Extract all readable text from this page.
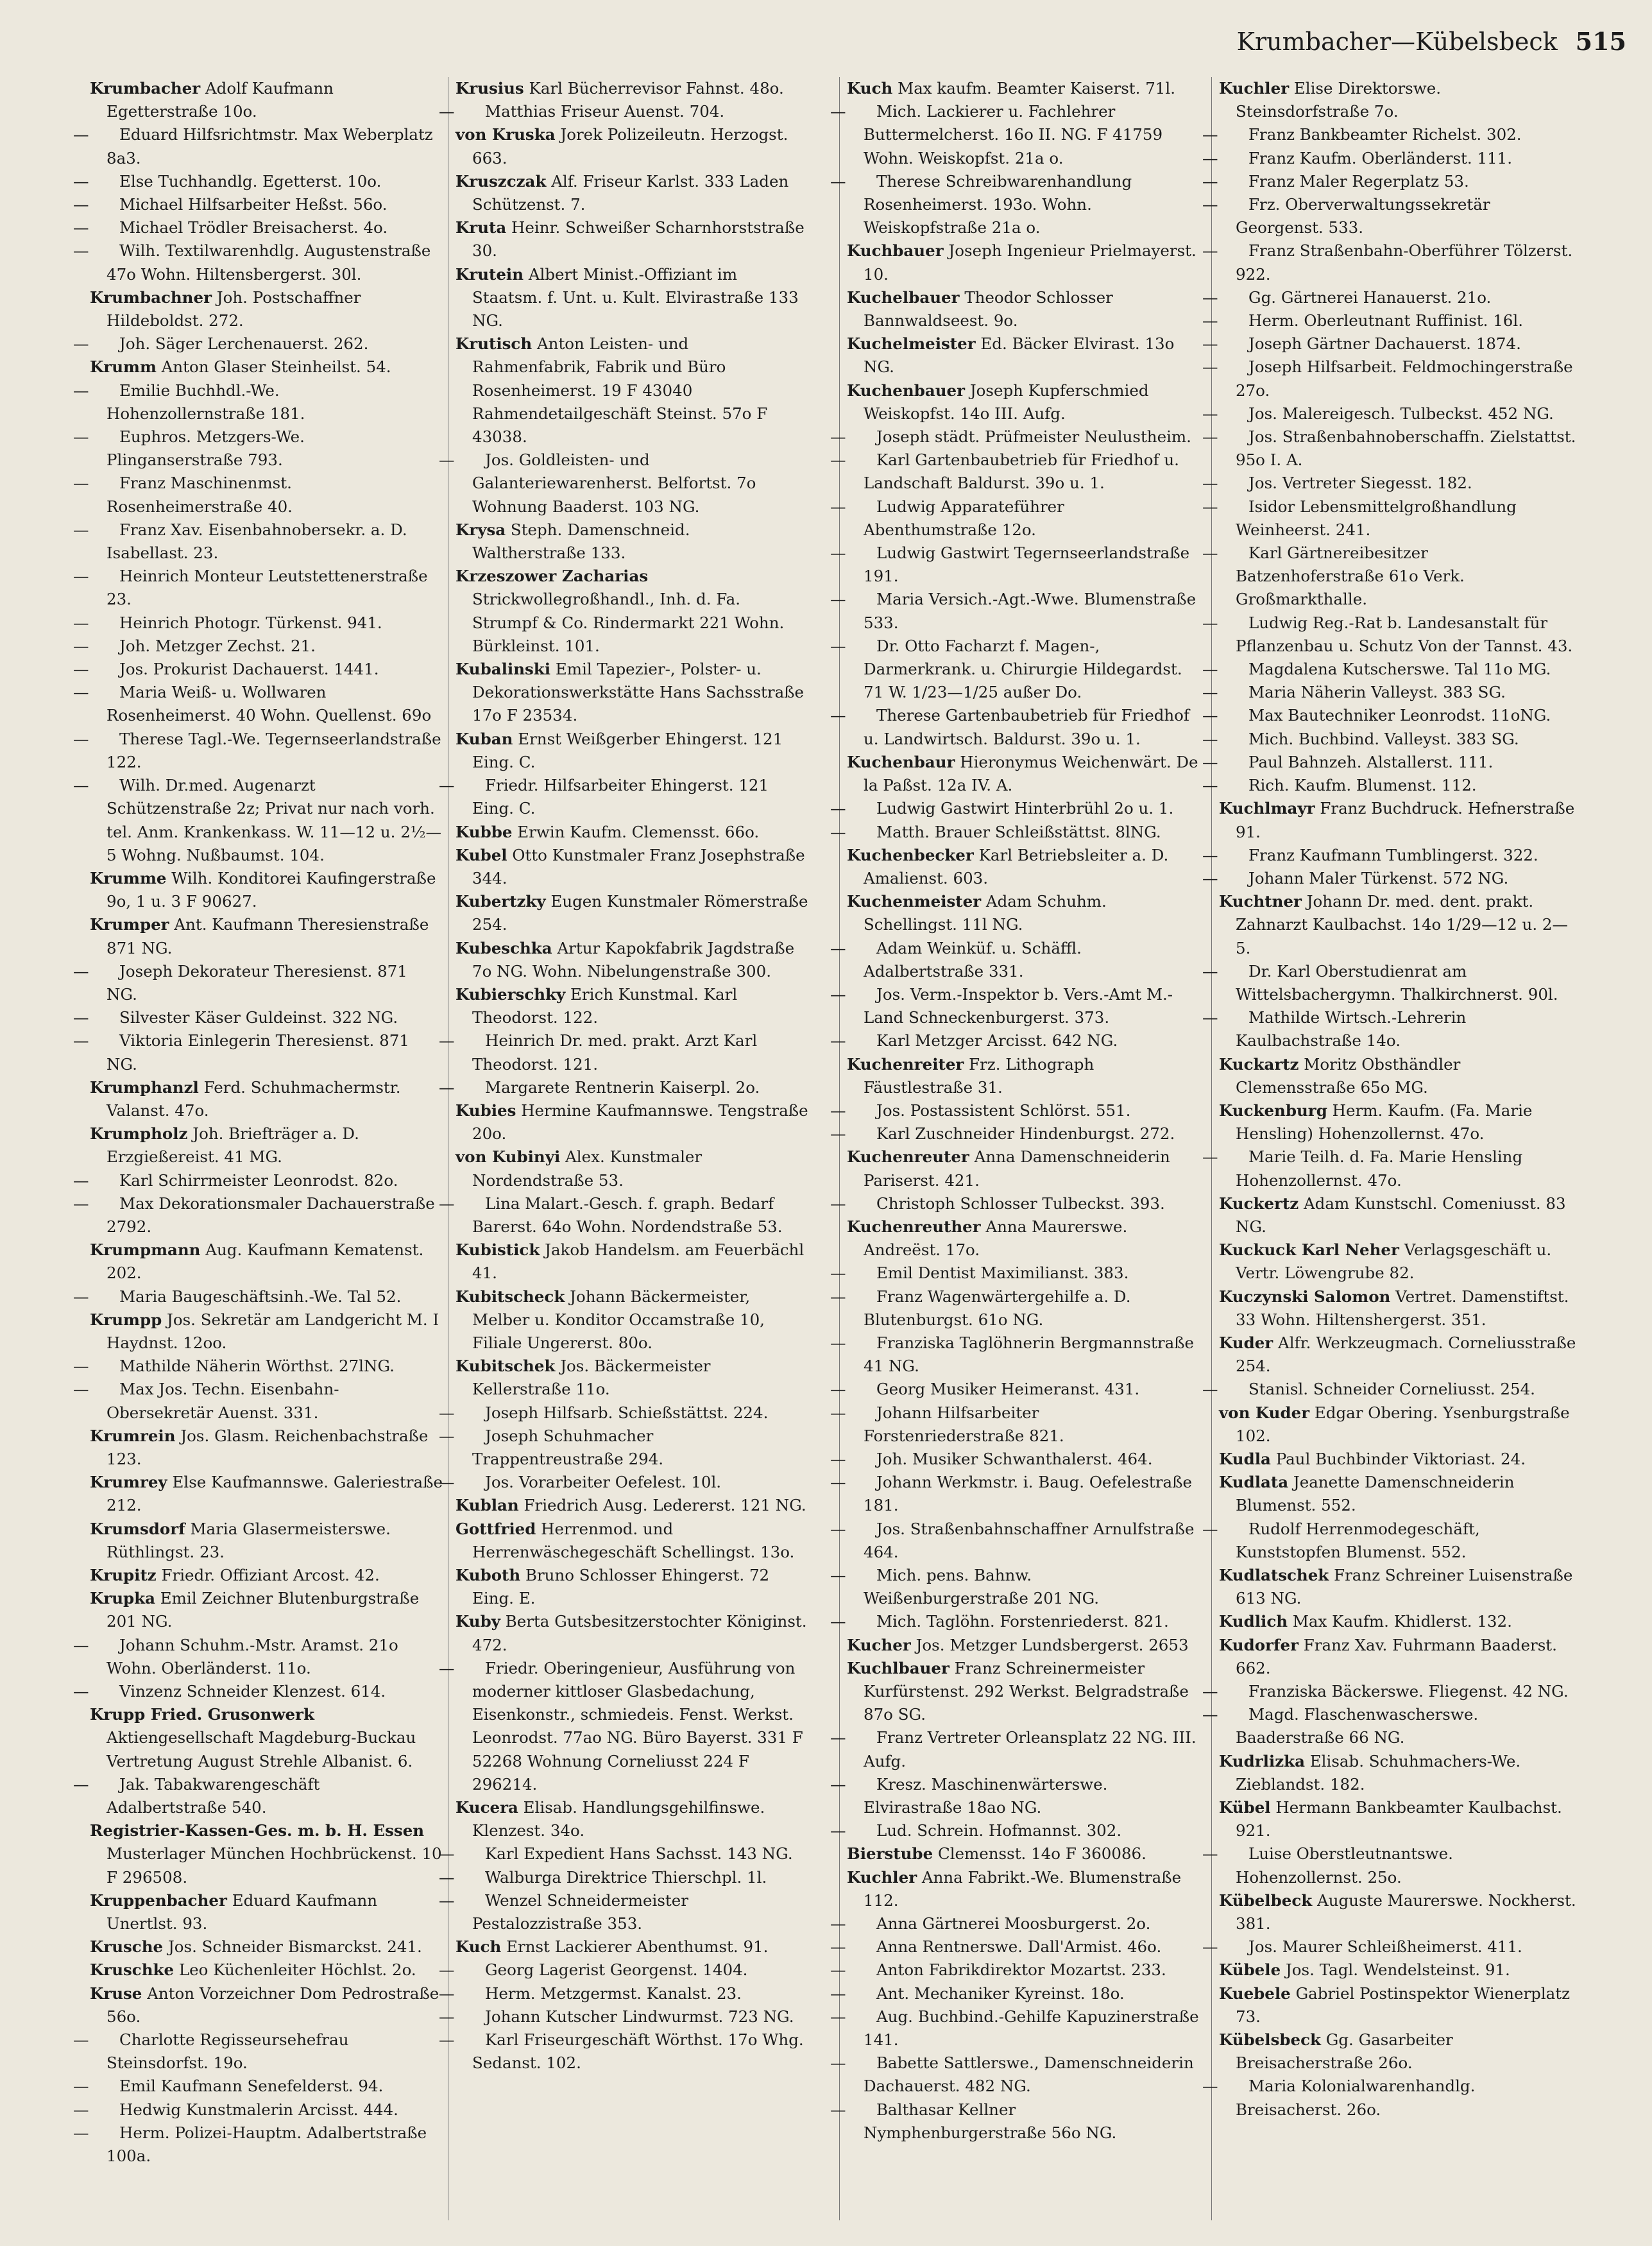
Krumbacher—Kübelsbeck 515

Krumbacher Adolf Kaufmann Egetterstraße 10o.

— Eduard Hilfsrichtmstr. Max Weberplatz 8a3.

— Else Tuchhandlg. Egetterst. 10o.

— Michael Hilfsarbeiter Heßst. 56o.

— Michael Trödler Breisacherst. 4o.

— Wilh. Textilwarenhdlg. Augustenstraße 47o Wohn. Hiltensbergerst. 30l.

Krumbachner Joh. Postschaffner Hildeboldst. 272.

— Joh. Säger Lerchenauerst. 262.

Krumm Anton Glaser Steinheilst. 54.

— Emilie Buchhdl.-We. Hohenzollernstraße 181.

— Euphros. Metzgers-We. Plinganserstraße 793.

— Franz Maschinenmst. Rosenheimerstraße 40.

— Franz Xav. Eisenbahnobersekr. a. D. Isabellast. 23.

— Heinrich Monteur Leutstettenerstraße 23.

— Heinrich Photogr. Türkenst. 941.

— Joh. Metzger Zechst. 21.

— Jos. Prokurist Dachauerst. 1441.

— Maria Weiß- u. Wollwaren Rosenheimerst. 40 Wohn. Quellenst. 69o

— Therese Tagl.-We. Tegernseerlandstraße 122.

— Wilh. Dr.med. Augenarzt Schützenstraße 2z; Privat nur nach vorh. tel. Anm. Krankenkass. W. 11—12 u. 2½—5 Wohng. Nußbaumst. 104.

Krumme Wilh. Konditorei Kaufingerstraße 9o, 1 u. 3 F 90627.

Krumper Ant. Kaufmann Theresienstraße 871 NG.

— Joseph Dekorateur Theresienst. 871 NG.

— Silvester Käser Guldeinst. 322 NG.

— Viktoria Einlegerin Theresienst. 871 NG.

Krumphanzl Ferd. Schuhmachermstr. Valanst. 47o.

Krumpholz Joh. Briefträger a. D. Erzgießereist. 41 MG.

— Karl Schirrmeister Leonrodst. 82o.

— Max Dekorationsmaler Dachauerstraße 2792.

Krumpmann Aug. Kaufmann Kematenst. 202.

— Maria Baugeschäftsinh.-We. Tal 52.

Krumpp Jos. Sekretär am Landgericht M. I Haydnst. 12oo.

— Mathilde Näherin Wörthst. 27lNG.

— Max Jos. Techn. Eisenbahn-Obersekretär Auenst. 331.

Krumrein Jos. Glasm. Reichenbachstraße 123.

Krumrey Else Kaufmannswe. Galeriestraße 212.

Krumsdorf Maria Glasermeisterswe. Rüthlingst. 23.

Krupitz Friedr. Offiziant Arcost. 42.

Krupka Emil Zeichner Blutenburgstraße 201 NG.

— Johann Schuhm.-Mstr. Aramst. 21o Wohn. Oberländerst. 11o.

— Vinzenz Schneider Klenzest. 614.

Krupp Fried. Grusonwerk Aktiengesellschaft Magdeburg-Buckau Vertretung August Strehle Albanist. 6.

— Jak. Tabakwarengeschäft Adalbertstraße 540.

Registrier-Kassen-Ges. m. b. H. Essen Musterlager München Hochbrückenst. 10 F 296508.

Kruppenbacher Eduard Kaufmann Unertlst. 93.

Krusche Jos. Schneider Bismarckst. 241.

Kruschke Leo Küchenleiter Höchlst. 2o.

Kruse Anton Vorzeichner Dom Pedrostraße 56o.

— Charlotte Regisseursehefrau Steinsdorfst. 19o.

— Emil Kaufmann Senefelderst. 94.

— Hedwig Kunstmalerin Arcisst. 444.

— Herm. Polizei-Hauptm. Adalbertstraße 100a.

Krusius Karl Bücherrevisor Fahnst. 48o.

— Matthias Friseur Auenst. 704.

von Kruska Jorek Polizeileutn. Herzogst. 663.

Kruszczak Alf. Friseur Karlst. 333 Laden Schützenst. 7.

Kruta Heinr. Schweißer Scharnhorststraße 30.

Krutein Albert Minist.-Offiziant im Staatsm. f. Unt. u. Kult. Elvirastraße 133 NG.

Krutisch Anton Leisten- und Rahmenfabrik, Fabrik und Büro Rosenheimerst. 19 F 43040 Rahmendetailgeschäft Steinst. 57o F 43038.

— Jos. Goldleisten- und Galanteriewarenherst. Belfortst. 7o Wohnung Baaderst. 103 NG.

Krysa Steph. Damenschneid. Waltherstraße 133.

Krzeszower Zacharias Strickwollegroßhandl., Inh. d. Fa. Strumpf & Co. Rindermarkt 221 Wohn. Bürkleinst. 101.

Kubalinski Emil Tapezier-, Polster- u. Dekorationswerkstätte Hans Sachsstraße 17o F 23534.

Kuban Ernst Weißgerber Ehingerst. 121 Eing. C.

— Friedr. Hilfsarbeiter Ehingerst. 121 Eing. C.

Kubbe Erwin Kaufm. Clemensst. 66o.

Kubel Otto Kunstmaler Franz Josephstraße 344.

Kubertzky Eugen Kunstmaler Römerstraße 254.

Kubeschka Artur Kapokfabrik Jagdstraße 7o NG. Wohn. Nibelungenstraße 300.

Kubierschky Erich Kunstmal. Karl Theodorst. 122.

— Heinrich Dr. med. prakt. Arzt Karl Theodorst. 121.

— Margarete Rentnerin Kaiserpl. 2o.

Kubies Hermine Kaufmannswe. Tengstraße 20o.

von Kubinyi Alex. Kunstmaler Nordendstraße 53.

— Lina Malart.-Gesch. f. graph. Bedarf Barerst. 64o Wohn. Nordendstraße 53.

Kubistick Jakob Handelsm. am Feuerbächl 41.

Kubitscheck Johann Bäckermeister, Melber u. Konditor Occamstraße 10, Filiale Ungererst. 80o.

Kubitschek Jos. Bäckermeister Kellerstraße 11o.

— Joseph Hilfsarb. Schießstättst. 224.

— Joseph Schuhmacher Trappentreustraße 294.

— Jos. Vorarbeiter Oefelest. 10l.

Kublan Friedrich Ausg. Ledererst. 121 NG.

Gottfried Herrenmod. und Herrenwäschegeschäft Schellingst. 13o.

Kuboth Bruno Schlosser Ehingerst. 72 Eing. E.

Kuby Berta Gutsbesitzerstochter Königinst. 472.

— Friedr. Oberingenieur, Ausführung von moderner kittloser Glasbedachung, Eisenkonstr., schmiedeis. Fenst. Werkst. Leonrodst. 77ao NG. Büro Bayerst. 331 F 52268 Wohnung Corneliusst 224 F 296214.

Kucera Elisab. Handlungsgehilfinswe. Klenzest. 34o.

— Karl Expedient Hans Sachsst. 143 NG.

— Walburga Direktrice Thierschpl. 1l.

— Wenzel Schneidermeister Pestalozzistraße 353.

Kuch Ernst Lackierer Abenthumst. 91.

— Georg Lagerist Georgenst. 1404.

— Herm. Metzgermst. Kanalst. 23.

— Johann Kutscher Lindwurmst. 723 NG.

— Karl Friseurgeschäft Wörthst. 17o Whg. Sedanst. 102.

Kuch Max kaufm. Beamter Kaiserst. 71l.

— Mich. Lackierer u. Fachlehrer Buttermelcherst. 16o II. NG. F 41759 Wohn. Weiskopfst. 21a o.

— Therese Schreibwarenhandlung Rosenheimerst. 193o. Wohn. Weiskopfstraße 21a o.

Kuchbauer Joseph Ingenieur Prielmayerst. 10.

Kuchelbauer Theodor Schlosser Bannwaldseest. 9o.

Kuchelmeister Ed. Bäcker Elvirast. 13o NG.

Kuchenbauer Joseph Kupferschmied Weiskopfst. 14o III. Aufg.

— Joseph städt. Prüfmeister Neulustheim.

— Karl Gartenbaubetrieb für Friedhof u. Landschaft Baldurst. 39o u. 1.

— Ludwig Apparateführer Abenthumstraße 12o.

— Ludwig Gastwirt Tegernseerlandstraße 191.

— Maria Versich.-Agt.-Wwe. Blumenstraße 533.

— Dr. Otto Facharzt f. Magen-, Darmerkrank. u. Chirurgie Hildegardst. 71 W. 1/23—1/25 außer Do.

— Therese Gartenbaubetrieb für Friedhof u. Landwirtsch. Baldurst. 39o u. 1.

Kuchenbaur Hieronymus Weichenwärt. De la Paßst. 12a IV. A.

— Ludwig Gastwirt Hinterbrühl 2o u. 1.

— Matth. Brauer Schleißstättst. 8lNG.

Kuchenbecker Karl Betriebsleiter a. D. Amalienst. 603.

Kuchenmeister Adam Schuhm. Schellingst. 11l NG.

— Adam Weinküf. u. Schäffl. Adalbertstraße 331.

— Jos. Verm.-Inspektor b. Vers.-Amt M.-Land Schneckenburgerst. 373.

— Karl Metzger Arcisst. 642 NG.

Kuchenreiter Frz. Lithograph Fäustlestraße 31.

— Jos. Postassistent Schlörst. 551.

— Karl Zuschneider Hindenburgst. 272.

Kuchenreuter Anna Damenschneiderin Pariserst. 421.

— Christoph Schlosser Tulbeckst. 393.

Kuchenreuther Anna Maurerswe. Andreëst. 17o.

— Emil Dentist Maximilianst. 383.

— Franz Wagenwärtergehilfe a. D. Blutenburgst. 61o NG.

— Franziska Taglöhnerin Bergmannstraße 41 NG.

— Georg Musiker Heimeranst. 431.

— Johann Hilfsarbeiter Forstenriederstraße 821.

— Joh. Musiker Schwanthalerst. 464.

— Johann Werkmstr. i. Baug. Oefelestraße 181.

— Jos. Straßenbahnschaffner Arnulfstraße 464.

— Mich. pens. Bahnw. Weißenburgerstraße 201 NG.

— Mich. Taglöhn. Forstenriederst. 821.

Kucher Jos. Metzger Lundsbergerst. 2653

Kuchlbauer Franz Schreinermeister Kurfürstenst. 292 Werkst. Belgradstraße 87o SG.

— Franz Vertreter Orleansplatz 22 NG. III. Aufg.

— Kresz. Maschinenwärterswe. Elvirastraße 18ao NG.

— Lud. Schrein. Hofmannst. 302.

Bierstube Clemensst. 14o F 360086.

Kuchler Anna Fabrikt.-We. Blumenstraße 112.

— Anna Gärtnerei Moosburgerst. 2o.

— Anna Rentnerswe. Dall'Armist. 46o.

— Anton Fabrikdirektor Mozartst. 233.

— Ant. Mechaniker Kyreinst. 18o.

— Aug. Buchbind.-Gehilfe Kapuzinerstraße 141.

— Babette Sattlerswe., Damenschneiderin Dachauerst. 482 NG.

— Balthasar Kellner Nymphenburgerstraße 56o NG.

Kuchler Elise Direktorswe. Steinsdorfstraße 7o.

— Franz Bankbeamter Richelst. 302.

— Franz Kaufm. Oberländerst. 111.

— Franz Maler Regerplatz 53.

— Frz. Oberverwaltungssekretär Georgenst. 533.

— Franz Straßenbahn-Oberführer Tölzerst. 922.

— Gg. Gärtnerei Hanauerst. 21o.

— Herm. Oberleutnant Ruffinist. 16l.

— Joseph Gärtner Dachauerst. 1874.

— Joseph Hilfsarbeit. Feldmochingerstraße 27o.

— Jos. Malereigesch. Tulbeckst. 452 NG.

— Jos. Straßenbahnoberschaffn. Zielstattst. 95o I. A.

— Jos. Vertreter Siegesst. 182.

— Isidor Lebensmittelgroßhandlung Weinheerst. 241.

— Karl Gärtnereibesitzer Batzenhoferstraße 61o Verk. Großmarkthalle.

— Ludwig Reg.-Rat b. Landesanstalt für Pflanzenbau u. Schutz Von der Tannst. 43.

— Magdalena Kutscherswe. Tal 11o MG.

— Maria Näherin Valleyst. 383 SG.

— Max Bautechniker Leonrodst. 11oNG.

— Mich. Buchbind. Valleyst. 383 SG.

— Paul Bahnzeh. Alstallerst. 111.

— Rich. Kaufm. Blumenst. 112.

Kuchlmayr Franz Buchdruck. Hefnerstraße 91.

— Franz Kaufmann Tumblingerst. 322.

— Johann Maler Türkenst. 572 NG.

Kuchtner Johann Dr. med. dent. prakt. Zahnarzt Kaulbachst. 14o 1/29—12 u. 2—5.

— Dr. Karl Oberstudienrat am Wittelsbachergymn. Thalkirchnerst. 90l.

— Mathilde Wirtsch.-Lehrerin Kaulbachstraße 14o.

Kuckartz Moritz Obsthändler Clemensstraße 65o MG.

Kuckenburg Herm. Kaufm. (Fa. Marie Hensling) Hohenzollernst. 47o.

— Marie Teilh. d. Fa. Marie Hensling Hohenzollernst. 47o.

Kuckertz Adam Kunstschl. Comeniusst. 83 NG.

Kuckuck Karl Neher Verlagsgeschäft u. Vertr. Löwengrube 82.

Kuczynski Salomon Vertret. Damenstiftst. 33 Wohn. Hiltenshergerst. 351.

Kuder Alfr. Werkzeugmach. Corneliusstraße 254.

— Stanisl. Schneider Corneliusst. 254.

von Kuder Edgar Obering. Ysenburgstraße 102.

Kudla Paul Buchbinder Viktoriast. 24.

Kudlata Jeanette Damenschneiderin Blumenst. 552.

— Rudolf Herrenmodegeschäft, Kunststopfen Blumenst. 552.

Kudlatschek Franz Schreiner Luisenstraße 613 NG.

Kudlich Max Kaufm. Khidlerst. 132.

Kudorfer Franz Xav. Fuhrmann Baaderst. 662.

— Franziska Bäckerswe. Fliegenst. 42 NG.

— Magd. Flaschenwascherswe. Baaderstraße 66 NG.

Kudrlizka Elisab. Schuhmachers-We. Zieblandst. 182.

Kübel Hermann Bankbeamter Kaulbachst. 921.

— Luise Oberstleutnantswe. Hohenzollernst. 25o.

Kübelbeck Auguste Maurerswe. Nockherst. 381.

— Jos. Maurer Schleißheimerst. 411.

Kübele Jos. Tagl. Wendelsteinst. 91.

Kuebele Gabriel Postinspektor Wienerplatz 73.

Kübelsbeck Gg. Gasarbeiter Breisacherstraße 26o.

— Maria Kolonialwarenhandlg. Breisacherst. 26o.
